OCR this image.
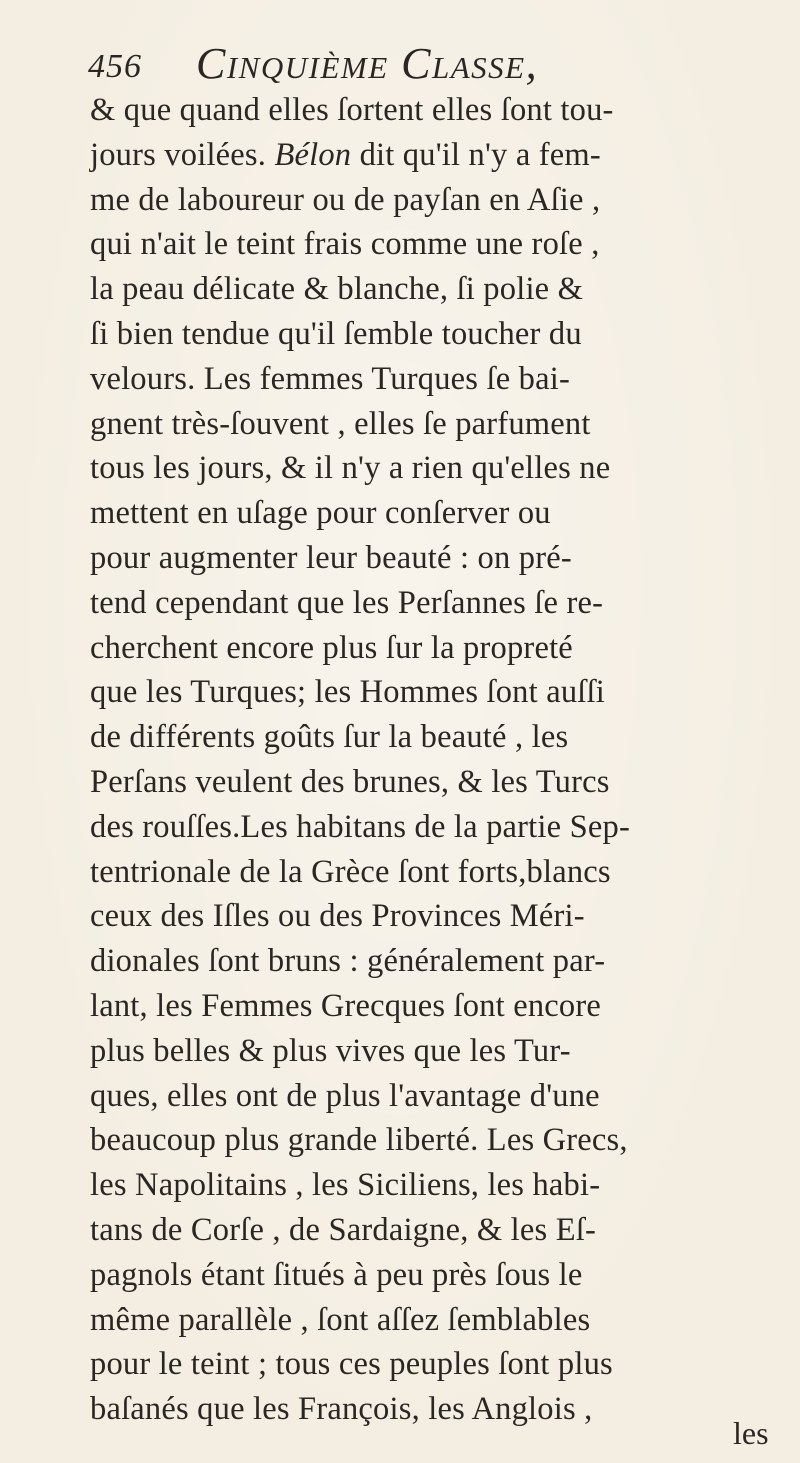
456 Cinquième Classe,
& que quand elles ſortent elles ſont tou-
jours voilées. Bélon dit qu'il n'y a fem-
me de laboureur ou de payſan en Aſie ,
qui n'ait le teint frais comme une roſe ,
la peau délicate & blanche, ſi polie &
ſi bien tendue qu'il ſemble toucher du
velours. Les femmes Turques ſe bai-
gnent très-ſouvent , elles ſe parfument
tous les jours, & il n'y a rien qu'elles ne
mettent en uſage pour conſerver ou
pour augmenter leur beauté : on pré-
tend cependant que les Perſannes ſe re-
cherchent encore plus ſur la propreté
que les Turques; les Hommes ſont auſſi
de différents goûts ſur la beauté , les
Perſans veulent des brunes, & les Turcs
des rouſſes.Les habitans de la partie Sep-
tentrionale de la Grèce ſont forts,blancs
ceux des Iſles ou des Provinces Méri-
dionales ſont bruns : généralement par-
lant, les Femmes Grecques ſont encore
plus belles & plus vives que les Tur-
ques, elles ont de plus l'avantage d'une
beaucoup plus grande liberté. Les Grecs,
les Napolitains , les Siciliens, les habi-
tans de Corſe , de Sardaigne, & les Eſ-
pagnols étant ſitués à peu près ſous le
même parallèle , ſont aſſez ſemblables
pour le teint ; tous ces peuples ſont plus
baſanés que les François, les Anglois ,
les
